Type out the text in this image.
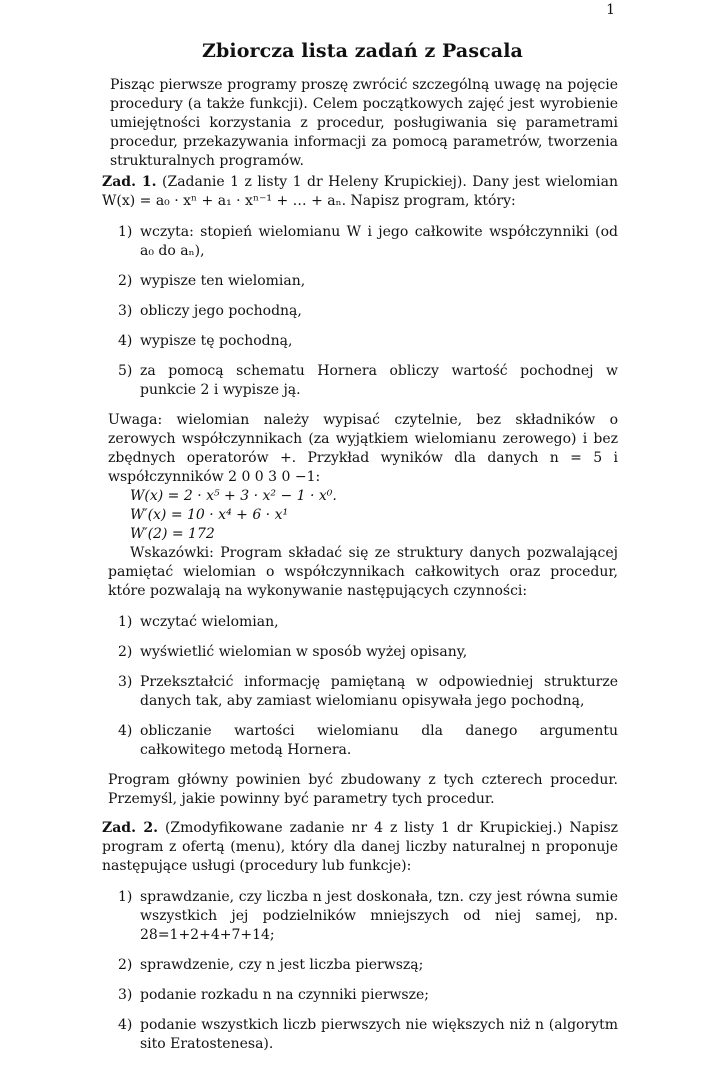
1
Zbiorcza lista zadań z Pascala

Pisząc pierwsze programy proszę zwrócić szczególną uwagę na pojęcie procedury (a także funkcji). Celem początkowych zajęć jest wyrobienie umiejętności korzystania z procedur, posługiwania się parametrami procedur, przekazywania informacji za pomocą parametrów, tworzenia strukturalnych programów.

Zad. 1. (Zadanie 1 z listy 1 dr Heleny Krupickiej). Dany jest wielomian W(x) = a₀ · xⁿ + a₁ · xⁿ⁻¹ + … + aₙ. Napisz program, który:

1) wczyta: stopień wielomianu W i jego całkowite współczynniki (od a₀ do aₙ),
2) wypisze ten wielomian,
3) obliczy jego pochodną,
4) wypisze tę pochodną,
5) za pomocą schematu Hornera obliczy wartość pochodnej w punkcie 2 i wypisze ją.

Uwaga: wielomian należy wypisać czytelnie, bez składników o zerowych współczynnikach (za wyjątkiem wielomianu zerowego) i bez zbędnych operatorów +. Przykład wyników dla danych n = 5 i współczynników 2 0 0 3 0 −1:

W(x) = 2 · x⁵ + 3 · x² − 1 · x⁰.
W′(x) = 10 · x⁴ + 6 · x¹
W′(2) = 172

Wskazówki: Program składać się ze struktury danych pozwalającej pamiętać wielomian o współczynnikach całkowitych oraz procedur, które pozwalają na wykonywanie następujących czynności:

1) wczytać wielomian,
2) wyświetlić wielomian w sposób wyżej opisany,
3) Przekształcić informację pamiętaną w odpowiedniej strukturze danych tak, aby zamiast wielomianu opisywała jego pochodną,
4) obliczanie wartości wielomianu dla danego argumentu całkowitego metodą Hornera.

Program główny powinien być zbudowany z tych czterech procedur. Przemyśl, jakie powinny być parametry tych procedur.

Zad. 2. (Zmodyfikowane zadanie nr 4 z listy 1 dr Krupickiej.) Napisz program z ofertą (menu), który dla danej liczby naturalnej n proponuje następujące usługi (procedury lub funkcje):

1) sprawdzanie, czy liczba n jest doskonała, tzn. czy jest równa sumie wszystkich jej podzielników mniejszych od niej samej, np. 28=1+2+4+7+14;
2) sprawdzenie, czy n jest liczba pierwszą;
3) podanie rozkadu n na czynniki pierwsze;
4) podanie wszystkich liczb pierwszych nie większych niż n (algorytm sito Eratostenesa).
